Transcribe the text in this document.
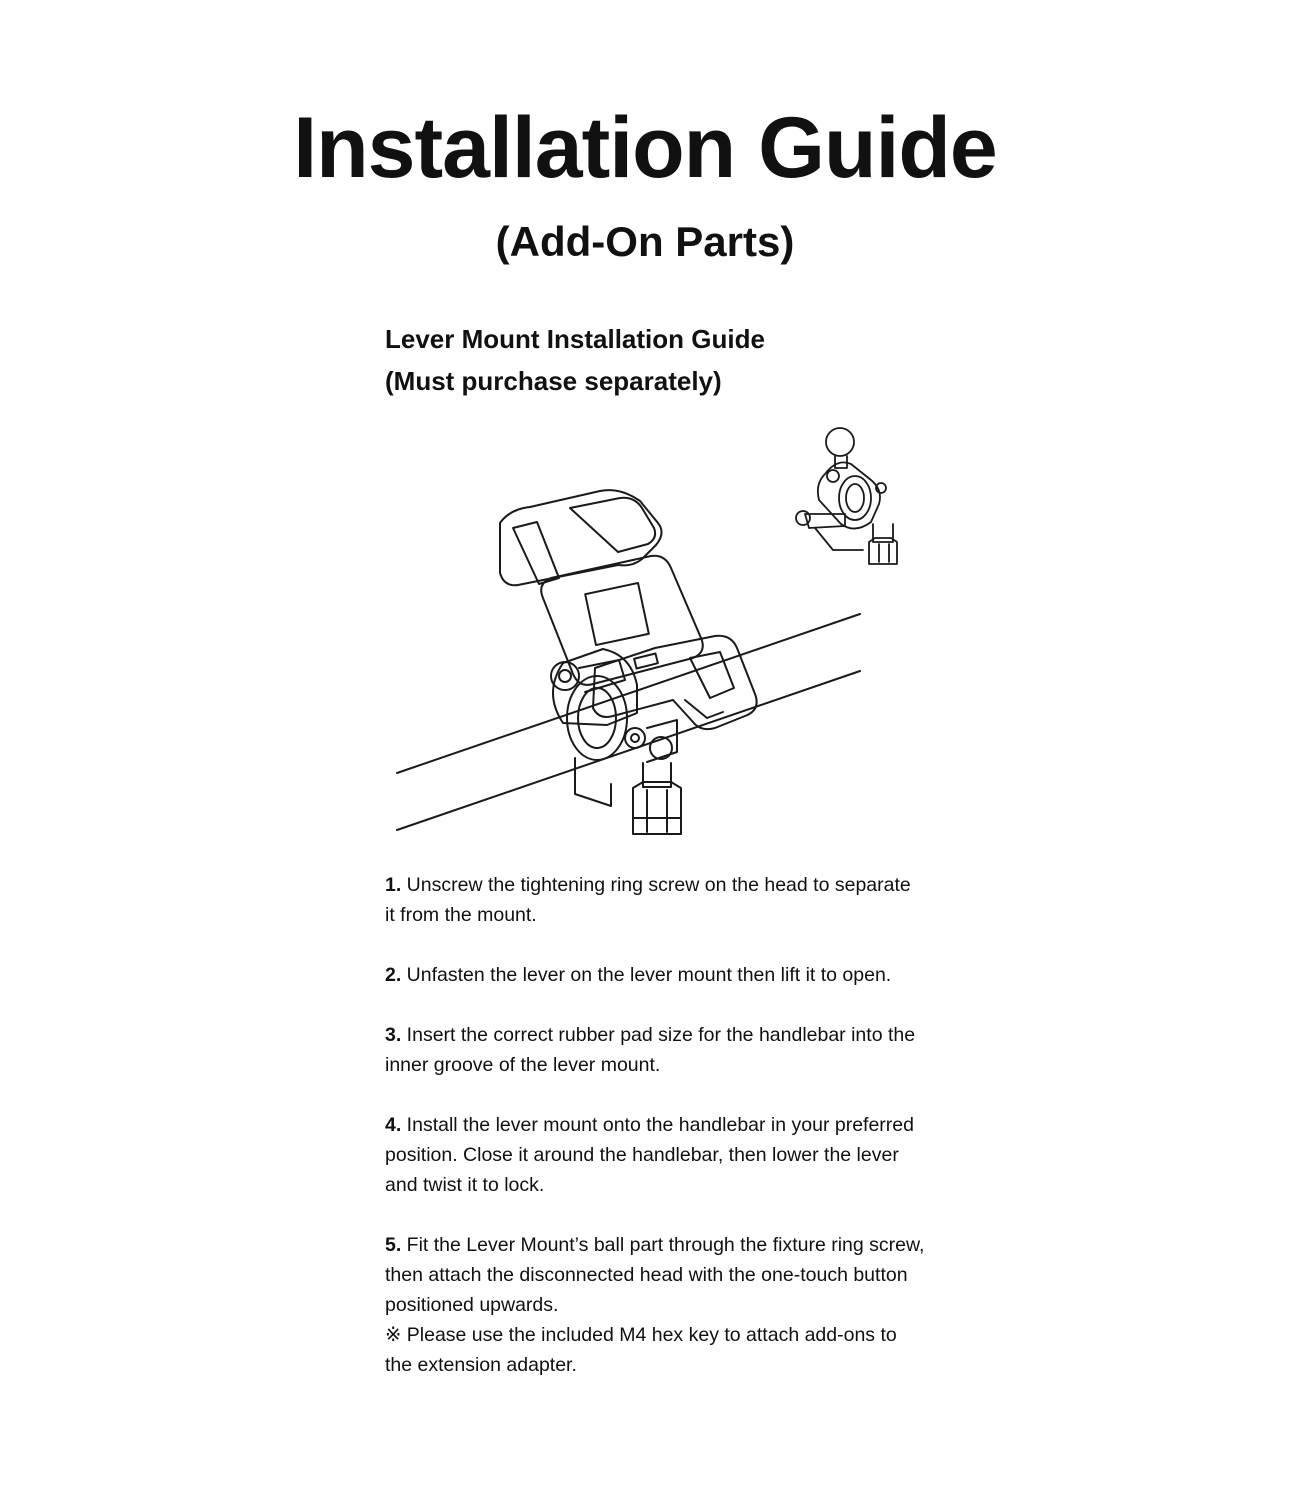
Installation Guide
(Add-On Parts)
Lever Mount Installation Guide
(Must purchase separately)

1. Unscrew the tightening ring screw on the head to separate it from the mount.

2. Unfasten the lever on the lever mount then lift it to open.

3. Insert the correct rubber pad size for the handlebar into the inner groove of the lever mount.

4. Install the lever mount onto the handlebar in your preferred position. Close it around the handlebar, then lower the lever and twist it to lock.

5. Fit the Lever Mount’s ball part through the fixture ring screw, then attach the disconnected head with the one-touch button positioned upwards.
※ Please use the included M4 hex key to attach add-ons to the extension adapter.
